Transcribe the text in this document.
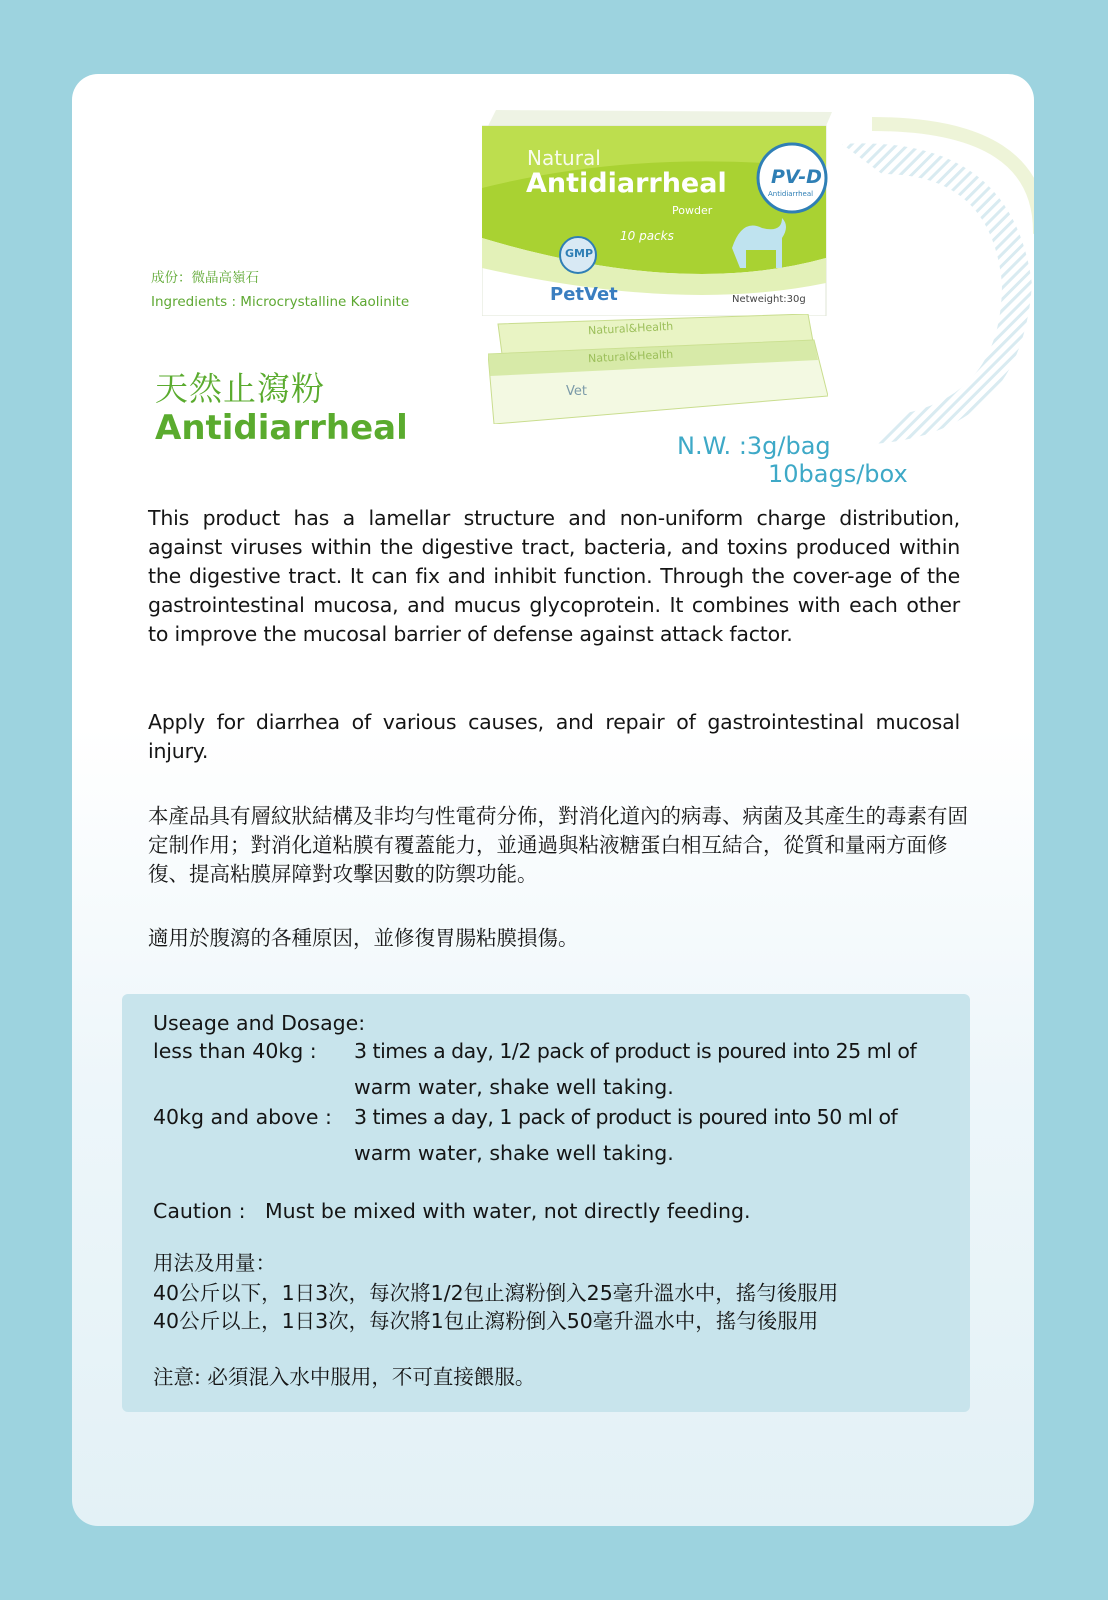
成份：微晶高嶺石
Ingredients : Microcrystalline Kaolinite
Natural
Antidiarrheal
Powder
10 packs
PV-D
Antidiarrheal
GMP
PetVet	Netweight:30g
Natural&Health
Natural&Health
Vet
天然止瀉粉
Antidiarrheal	N.W. :3g/bag
10bags/box
This product has a lamellar structure and non-uniform charge distribution, against viruses within the digestive tract, bacteria, and toxins produced within the digestive tract. It can fix and inhibit function. Through the cover-age of the gastrointestinal mucosa, and mucus glycoprotein. It combines with each other to improve the mucosal barrier of defense against attack factor.
Apply for diarrhea of various causes, and repair of gastrointestinal mucosal injury.
本產品具有層紋狀結構及非均勻性電荷分佈，對消化道內的病毒、病菌及其產生的毒素有固定制作用；對消化道粘膜有覆蓋能力，並通過與粘液糖蛋白相互結合，從質和量兩方面修復、提高粘膜屏障對攻擊因數的防禦功能。
適用於腹瀉的各種原因，並修復胃腸粘膜損傷。
Useage and Dosage:
less than 40kg : 3 times a day, 1/2 pack of product is poured into 25 ml of
warm water, shake well taking.
40kg and above : 3 times a day, 1 pack of product is poured into 50 ml of
warm water, shake well taking.
Caution : Must be mixed with water, not directly feeding.
用法及用量：
40公斤以下，1日3次，每次將1/2包止瀉粉倒入25毫升溫水中，搖勻後服用
40公斤以上，1日3次，每次將1包止瀉粉倒入50毫升溫水中，搖勻後服用
注意: 必須混入水中服用，不可直接餵服。
